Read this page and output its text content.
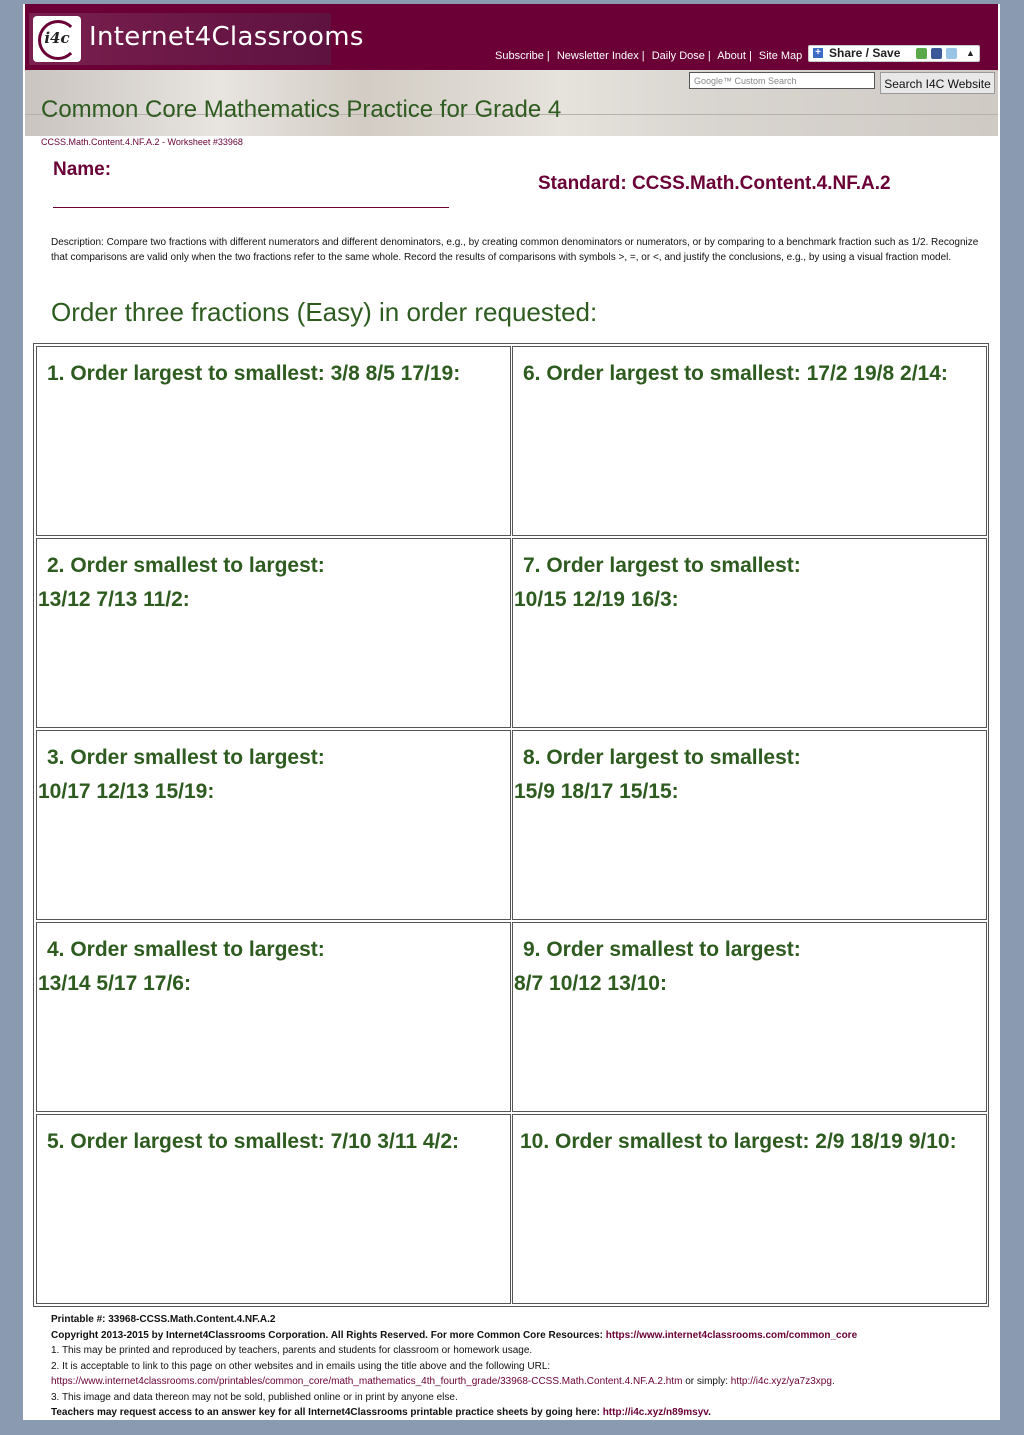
i4c Internet4Classrooms
Subscribe | Newsletter Index | Daily Dose | About | Site Map + Share / Save	▲

Common Core Mathematics Practice for Grade 4
Google™ Custom Search	Search I4C Website
CCSS.Math.Content.4.NF.A.2 - Worksheet #33968
Name:
Standard: CCSS.Math.Content.4.NF.A.2
Description: Compare two fractions with different numerators and different denominators, e.g., by creating common denominators or numerators, or by comparing to a benchmark fraction such as 1/2. Recognize that comparisons are valid only when the two fractions refer to the same whole. Record the results of comparisons with symbols >, =, or <, and justify the conclusions, e.g., by using a visual fraction model.
Order three fractions (Easy) in order requested:
1. Order largest to smallest: 3/8 8/5 17/19:	6. Order largest to smallest: 17/2 19/8 2/14:
2. Order smallest to largest:
13/12 7/13 11/2:
7. Order largest to smallest:
10/15 12/19 16/3:
3. Order smallest to largest:
10/17 12/13 15/19:
8. Order largest to smallest:
15/9 18/17 15/15:
4. Order smallest to largest:
13/14 5/17 17/6:
9. Order smallest to largest:
8/7 10/12 13/10:
5. Order largest to smallest: 7/10 3/11 4/2:	10. Order smallest to largest: 2/9 18/19 9/10:
Printable #: 33968-CCSS.Math.Content.4.NF.A.2
Copyright 2013-2015 by Internet4Classrooms Corporation. All Rights Reserved. For more Common Core Resources: https://www.internet4classrooms.com/common_core
1. This may be printed and reproduced by teachers, parents and students for classroom or homework usage.
2. It is acceptable to link to this page on other websites and in emails using the title above and the following URL:
https://www.internet4classrooms.com/printables/common_core/math_mathematics_4th_fourth_grade/33968-CCSS.Math.Content.4.NF.A.2.htm or simply: http://i4c.xyz/ya7z3xpg.
3. This image and data thereon may not be sold, published online or in print by anyone else.
Teachers may request access to an answer key for all Internet4Classrooms printable practice sheets by going here: http://i4c.xyz/n89msyv.
